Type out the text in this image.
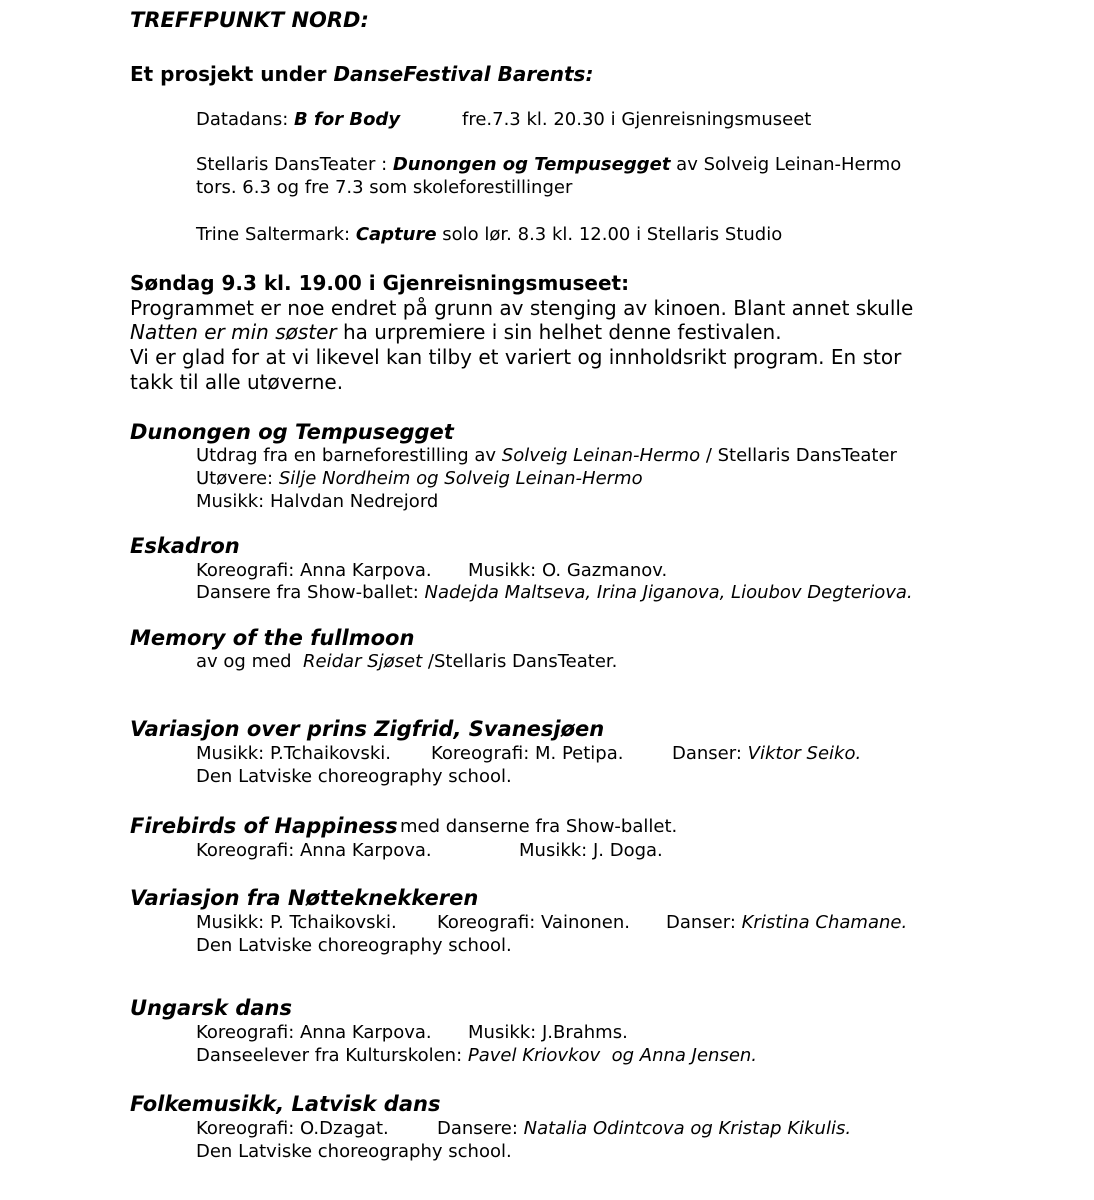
TREFFPUNKT NORD:
Et prosjekt under DanseFestival Barents:
Datadans: B for Body	fre.7.3 kl. 20.30 i Gjenreisningsmuseet
Stellaris DansTeater : Dunongen og Tempusegget av Solveig Leinan-Hermo
tors. 6.3 og fre 7.3 som skoleforestillinger
Trine Saltermark: Capture solo lør. 8.3 kl. 12.00 i Stellaris Studio
Søndag 9.3 kl. 19.00 i Gjenreisningsmuseet:
Programmet er noe endret på grunn av stenging av kinoen. Blant annet skulle
Natten er min søster ha urpremiere i sin helhet denne festivalen.
Vi er glad for at vi likevel kan tilby et variert og innholdsrikt program. En stor
takk til alle utøverne.
Dunongen og Tempusegget
Utdrag fra en barneforestilling av Solveig Leinan-Hermo / Stellaris DansTeater
Utøvere: Silje Nordheim og Solveig Leinan-Hermo
Musikk: Halvdan Nedrejord
Eskadron
Koreografi: Anna Karpova. Musikk: O. Gazmanov.
Dansere fra Show-ballet: Nadejda Maltseva, Irina Jiganova, Lioubov Degteriova.
Memory of the fullmoon
av og med  Reidar Sjøset /Stellaris DansTeater.
Variasjon over prins Zigfrid, Svanesjøen
Musikk: P.Tchaikovski. Koreografi: M. Petipa.	Danser: Viktor Seiko.
Den Latviske choreography school.
Firebirds of Happiness med danserne fra Show-ballet.
Koreografi: Anna Karpova.	Musikk: J. Doga.
Variasjon fra Nøtteknekkeren
Musikk: P. Tchaikovski. Koreografi: Vainonen. Danser: Kristina Chamane.
Den Latviske choreography school.
Ungarsk dans
Koreografi: Anna Karpova. Musikk: J.Brahms.
Danseelever fra Kulturskolen: Pavel Kriovkov  og Anna Jensen.
Folkemusikk, Latvisk dans
Koreografi: O.Dzagat.	Dansere: Natalia Odintcova og Kristap Kikulis.
Den Latviske choreography school.
